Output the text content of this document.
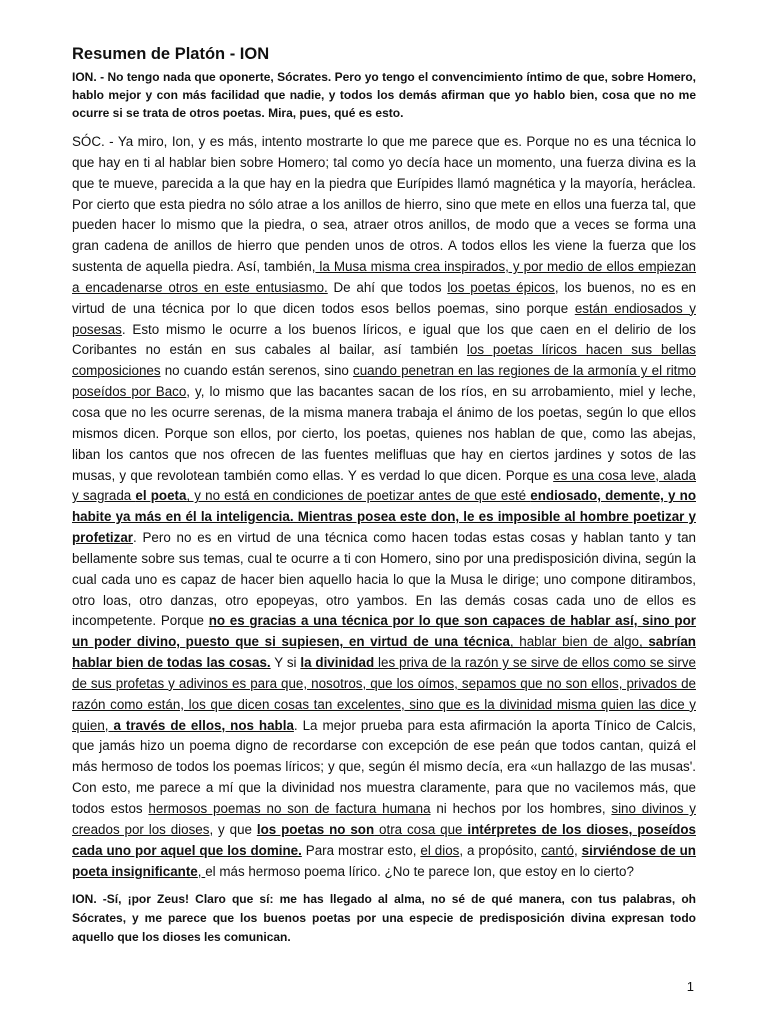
Resumen de Platón - ION

ION. - No tengo nada que oponerte, Sócrates. Pero yo tengo el convencimiento íntimo de que, sobre Homero, hablo mejor y con más facilidad que nadie, y todos los demás afirman que yo hablo bien, cosa que no me ocurre si se trata de otros poetas. Mira, pues, qué es esto.

SÓC. - Ya miro, Ion, y es más, intento mostrarte lo que me parece que es. Porque no es una técnica lo que hay en ti al hablar bien sobre Homero; tal como yo decía hace un momento, una fuerza divina es la que te mueve, parecida a la que hay en la piedra que Eurípides llamó magnética y la mayoría, heráclea. Por cierto que esta piedra no sólo atrae a los anillos de hierro, sino que mete en ellos una fuerza tal, que pueden hacer lo mismo que la piedra, o sea, atraer otros anillos, de modo que a veces se forma una gran cadena de anillos de hierro que penden unos de otros. A todos ellos les viene la fuerza que los sustenta de aquella piedra. Así, también, la Musa misma crea inspirados, y por medio de ellos empiezan a encadenarse otros en este entusiasmo. De ahí que todos los poetas épicos, los buenos, no es en virtud de una técnica por lo que dicen todos esos bellos poemas, sino porque están endiosados y posesas. Esto mismo le ocurre a los buenos líricos, e igual que los que caen en el delirio de los Coribantes no están en sus cabales al bailar, así también los poetas líricos hacen sus bellas composiciones no cuando están serenos, sino cuando penetran en las regiones de la armonía y el ritmo poseídos por Baco, y, lo mismo que las bacantes sacan de los ríos, en su arrobamiento, miel y leche, cosa que no les ocurre serenas, de la misma manera trabaja el ánimo de los poetas, según lo que ellos mismos dicen. Porque son ellos, por cierto, los poetas, quienes nos hablan de que, como las abejas, liban los cantos que nos ofrecen de las fuentes melifluas que hay en ciertos jardines y sotos de las musas, y que revolotean también como ellas. Y es verdad lo que dicen. Porque es una cosa leve, alada y sagrada el poeta, y no está en condiciones de poetizar antes de que esté endiosado, demente, y no habite ya más en él la inteligencia. Mientras posea este don, le es imposible al hombre poetizar y profetizar. Pero no es en virtud de una técnica como hacen todas estas cosas y hablan tanto y tan bellamente sobre sus temas, cual te ocurre a ti con Homero, sino por una predisposición divina, según la cual cada uno es capaz de hacer bien aquello hacia lo que la Musa le dirige; uno compone ditirambos, otro loas, otro danzas, otro epopeyas, otro yambos. En las demás cosas cada uno de ellos es incompetente. Porque no es gracias a una técnica por lo que son capaces de hablar así, sino por un poder divino, puesto que si supiesen, en virtud de una técnica, hablar bien de algo, sabrían hablar bien de todas las cosas. Y si la divinidad les priva de la razón y se sirve de ellos como se sirve de sus profetas y adivinos es para que, nosotros, que los oímos, sepamos que no son ellos, privados de razón como están, los que dicen cosas tan excelentes, sino que es la divinidad misma quien las dice y quien, a través de ellos, nos habla. La mejor prueba para esta afirmación la aporta Tínico de Calcis, que jamás hizo un poema digno de recordarse con excepción de ese peán que todos cantan, quizá el más hermoso de todos los poemas líricos; y que, según él mismo decía, era «un hallazgo de las musas'. Con esto, me parece a mí que la divinidad nos muestra claramente, para que no vacilemos más, que todos estos hermosos poemas no son de factura humana ni hechos por los hombres, sino divinos y creados por los dioses, y que los poetas no son otra cosa que intérpretes de los dioses, poseídos cada uno por aquel que los domine. Para mostrar esto, el dios, a propósito, cantó, sirviéndose de un poeta insignificante, el más hermoso poema lírico. ¿No te parece Ion, que estoy en lo cierto?

ION. -Sí, ¡por Zeus! Claro que sí: me has llegado al alma, no sé de qué manera, con tus palabras, oh Sócrates, y me parece que los buenos poetas por una especie de predisposición divina expresan todo aquello que los dioses les comunican.

1
